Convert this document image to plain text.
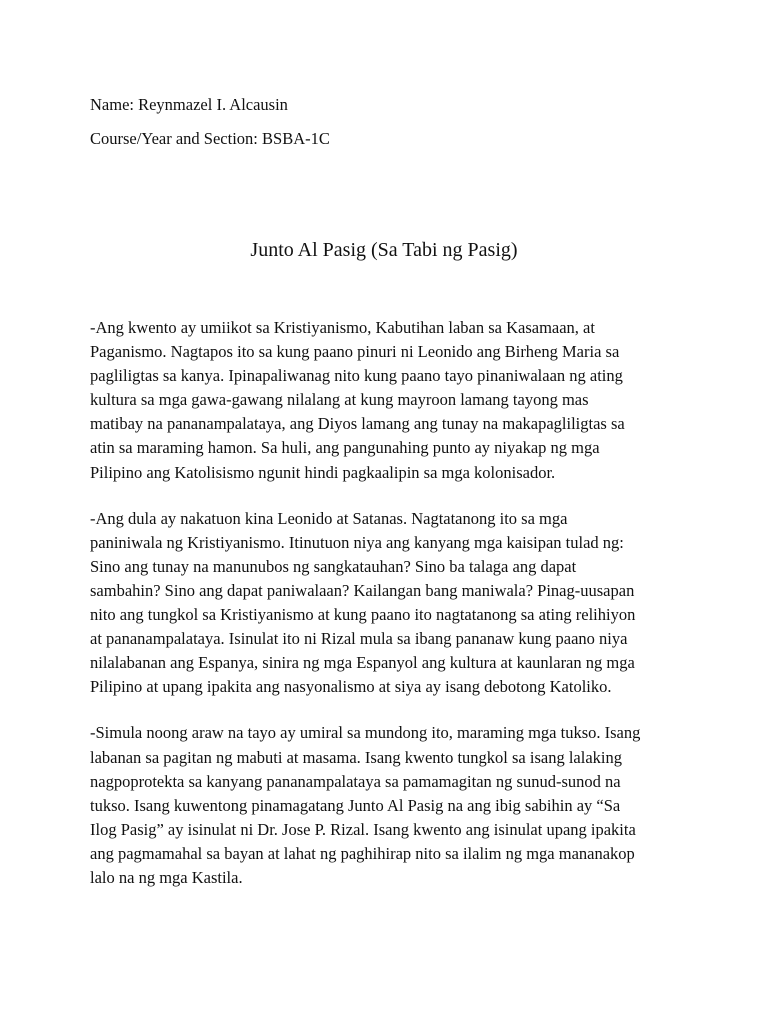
Name: Reynmazel I. Alcausin
Course/Year and Section: BSBA-1C
Junto Al Pasig (Sa Tabi ng Pasig)
-Ang kwento ay umiikot sa Kristiyanismo, Kabutihan laban sa Kasamaan, at
Paganismo. Nagtapos ito sa kung paano pinuri ni Leonido ang Birheng Maria sa
pagliligtas sa kanya. Ipinapaliwanag nito kung paano tayo pinaniwalaan ng ating
kultura sa mga gawa-gawang nilalang at kung mayroon lamang tayong mas
matibay na pananampalataya, ang Diyos lamang ang tunay na makapagliligtas sa
atin sa maraming hamon. Sa huli, ang pangunahing punto ay niyakap ng mga
Pilipino ang Katolisismo ngunit hindi pagkaalipin sa mga kolonisador.
-Ang dula ay nakatuon kina Leonido at Satanas. Nagtatanong ito sa mga
paniniwala ng Kristiyanismo. Itinutuon niya ang kanyang mga kaisipan tulad ng:
Sino ang tunay na manunubos ng sangkatauhan? Sino ba talaga ang dapat
sambahin? Sino ang dapat paniwalaan? Kailangan bang maniwala? Pinag-uusapan
nito ang tungkol sa Kristiyanismo at kung paano ito nagtatanong sa ating relihiyon
at pananampalataya. Isinulat ito ni Rizal mula sa ibang pananaw kung paano niya
nilalabanan ang Espanya, sinira ng mga Espanyol ang kultura at kaunlaran ng mga
Pilipino at upang ipakita ang nasyonalismo at siya ay isang debotong Katoliko.
-Simula noong araw na tayo ay umiral sa mundong ito, maraming mga tukso. Isang
labanan sa pagitan ng mabuti at masama. Isang kwento tungkol sa isang lalaking
nagpoprotekta sa kanyang pananampalataya sa pamamagitan ng sunud-sunod na
tukso. Isang kuwentong pinamagatang Junto Al Pasig na ang ibig sabihin ay “Sa
Ilog Pasig” ay isinulat ni Dr. Jose P. Rizal. Isang kwento ang isinulat upang ipakita
ang pagmamahal sa bayan at lahat ng paghihirap nito sa ilalim ng mga mananakop
lalo na ng mga Kastila.
